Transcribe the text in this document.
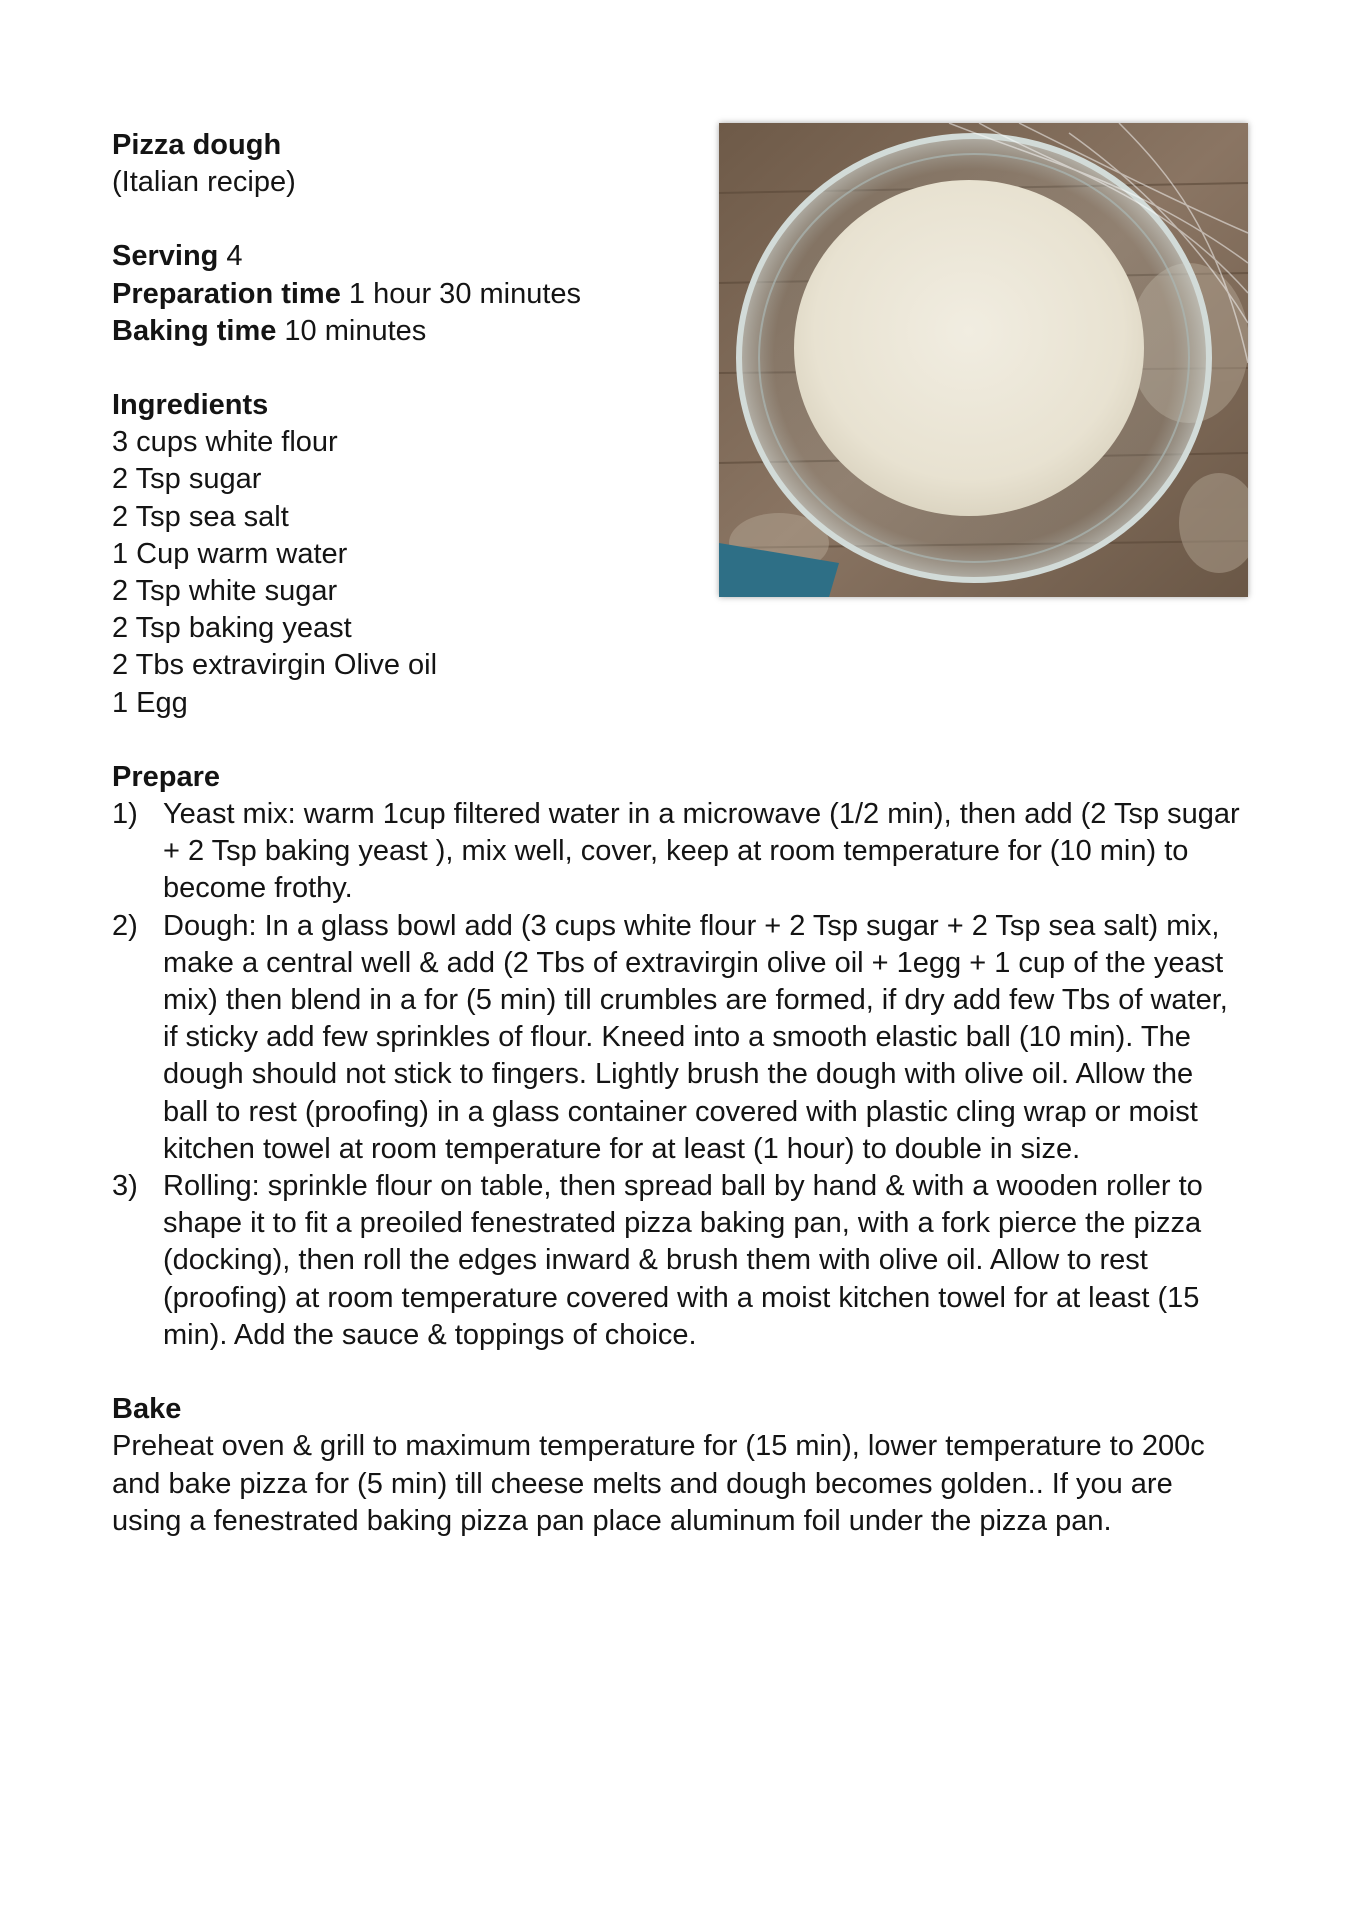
Pizza dough
(Italian recipe)
Serving 4
Preparation time 1 hour 30 minutes
Baking time 10 minutes
Ingredients
3 cups white flour
2 Tsp sugar
2 Tsp sea salt
1 Cup warm water
2 Tsp white sugar
2 Tsp baking yeast
2 Tbs extravirgin Olive oil
1 Egg
Prepare
1) Yeast mix: warm 1cup filtered water in a microwave (1/2 min), then add (2 Tsp sugar + 2 Tsp baking yeast ), mix well, cover, keep at room temperature for (10 min) to become frothy.
2) Dough: In a glass bowl add (3 cups white flour + 2 Tsp sugar + 2 Tsp sea salt) mix, make a central well & add (2 Tbs of extravirgin olive oil + 1egg + 1 cup of the yeast mix) then blend in a for (5 min) till crumbles are formed, if dry add few Tbs of water, if sticky add few sprinkles of flour. Kneed into a smooth elastic ball (10 min). The dough should not stick to fingers. Lightly brush the dough with olive oil. Allow the ball to rest (proofing) in a glass container covered with plastic cling wrap or moist kitchen towel at room temperature for at least (1 hour) to double in size.
3) Rolling: sprinkle flour on table, then spread ball by hand & with a wooden roller to shape it to fit a preoiled fenestrated pizza baking pan, with a fork pierce the pizza (docking), then roll the edges inward & brush them with olive oil. Allow to rest (proofing) at room temperature covered with a moist kitchen towel for at least (15 min). Add the sauce & toppings of choice.
Bake
Preheat oven & grill to maximum temperature for (15 min), lower temperature to 200c and bake pizza for (5 min) till cheese melts and dough becomes golden.. If you are using a fenestrated baking pizza pan place aluminum foil under the pizza pan.
